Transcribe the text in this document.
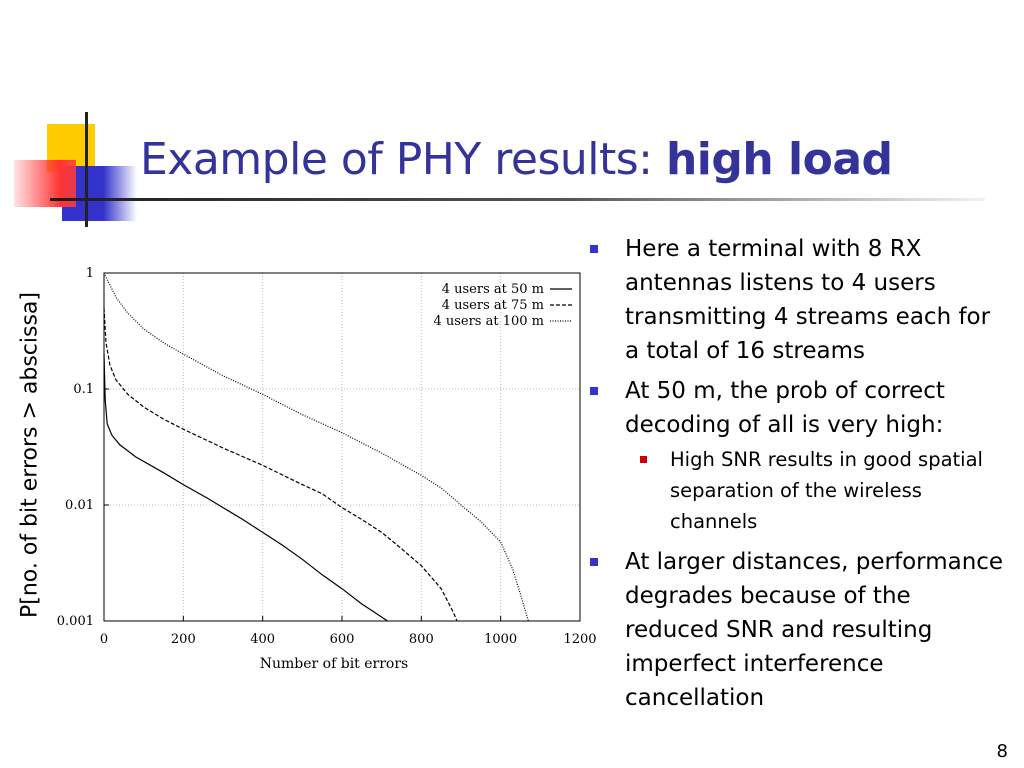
Example of PHY results: high load
P[no. of bit errors > abscissa]
0	200	400	600	800	1000	1200
1
0.1
0.01
0.001
4 users at 50 m
4 users at 75 m
4 users at 100 m
Number of bit errors
Here a terminal with 8 RX antennas listens to 4 users transmitting 4 streams each for a total of 16 streams
At 50 m, the prob of correct decoding of all is very high:
High SNR results in good spatial separation of the wireless channels
At larger distances, performance degrades because of the reduced SNR and resulting imperfect interference cancellation
8
